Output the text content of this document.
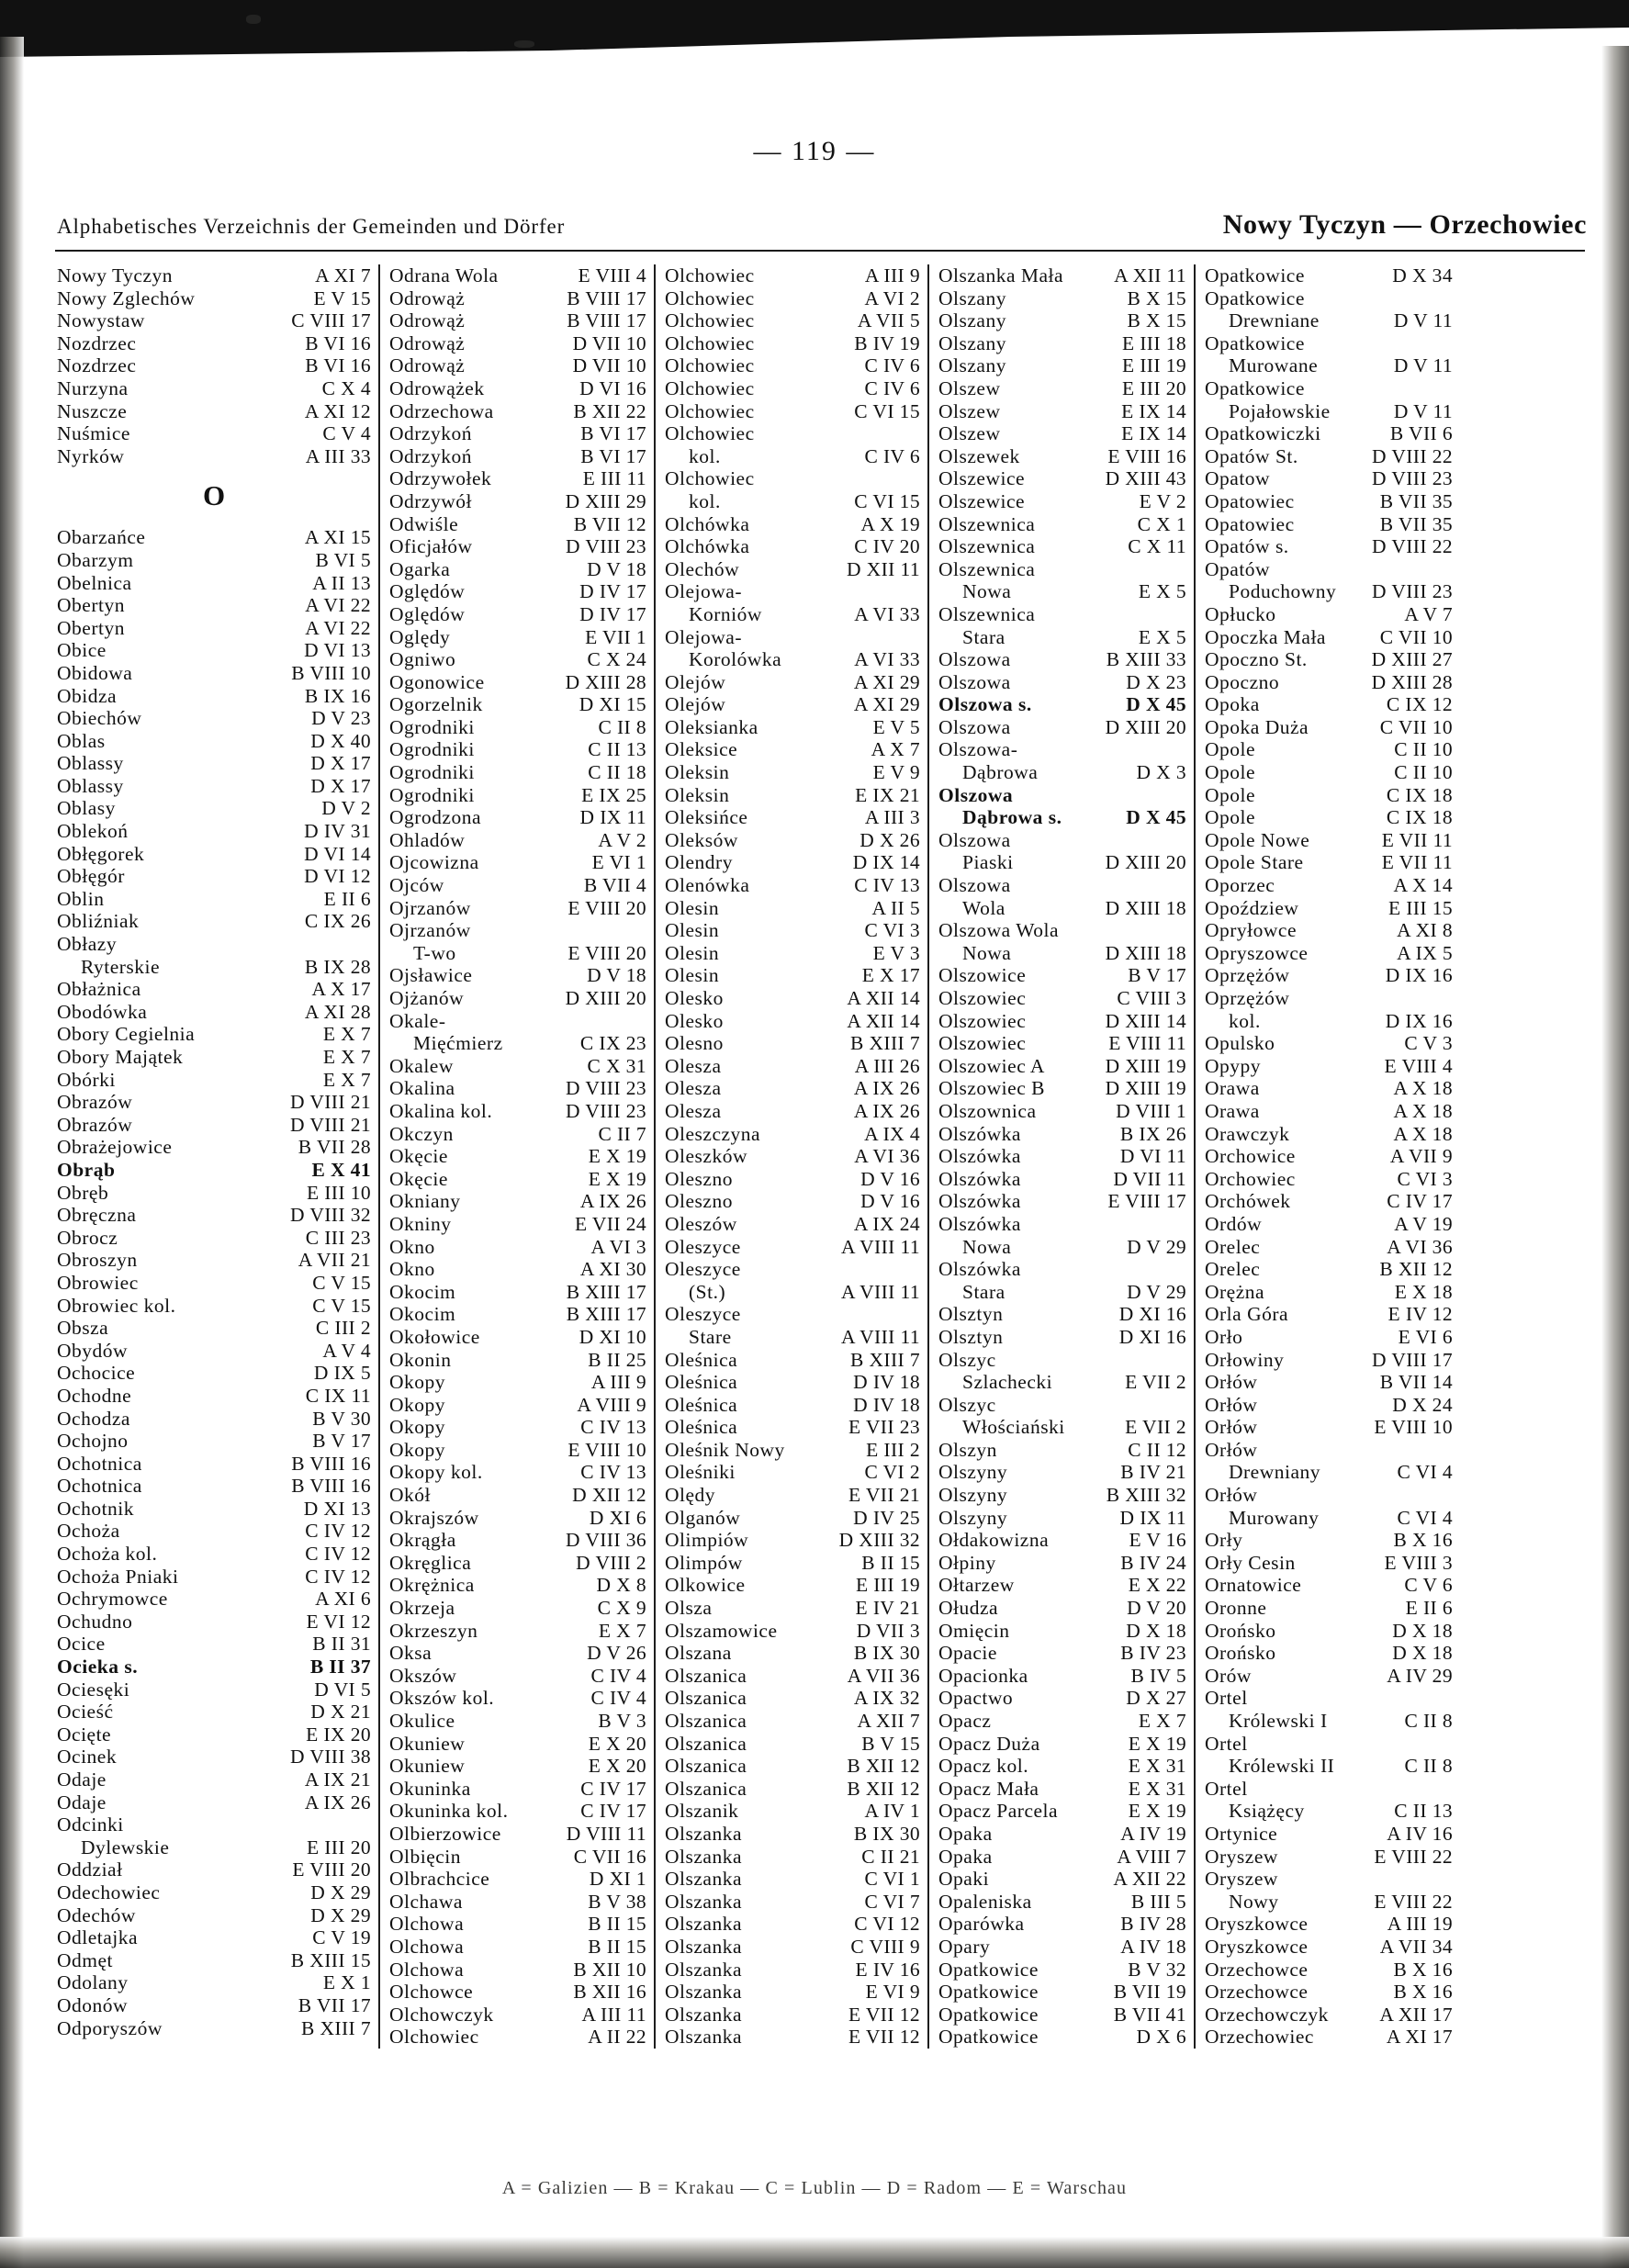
— 119 —
Alphabetisches Verzeichnis der Gemeinden und Dörfer	Nowy Tyczyn — Orzechowiec
Nowy Tyczyn	A XI 7
Nowy Zglechów	E V 15
Nowystaw	C VIII 17
Nozdrzec	B VI 16
Nozdrzec	B VI 16
Nurzyna	C X 4
Nuszcze	A XI 12
Nuśmice	C V 4
Nyrków	A III 33
O
Obarzańce	A XI 15
Obarzym	B VI 5
Obelnica	A II 13
Obertyn	A VI 22
Obertyn	A VI 22
Obice	D VI 13
Obidowa	B VIII 10
Obidza	B IX 16
Obiechów	D V 23
Oblas	D X 40
Oblassy	D X 17
Oblassy	D X 17
Oblasy	D V 2
Oblekoń	D IV 31
Obłęgorek	D VI 14
Obłęgór	D VI 12
Oblin	E II 6
Obliźniak	C IX 26
Obłazy
Ryterskie	B IX 28
Obłażnica	A X 17
Obodówka	A XI 28
Obory Cegielnia	E X 7
Obory Majątek	E X 7
Obórki	E X 7
Obrazów	D VIII 21
Obrazów	D VIII 21
Obrażejowice	B VII 28
Obrąb	E X 41
Obręb	E III 10
Obręczna	D VIII 32
Obrocz	C III 23
Obroszyn	A VII 21
Obrowiec	C V 15
Obrowiec kol.	C V 15
Obsza	C III 2
Obydów	A V 4
Ochocice	D IX 5
Ochodne	C IX 11
Ochodza	B V 30
Ochojno	B V 17
Ochotnica	B VIII 16
Ochotnica	B VIII 16
Ochotnik	D XI 13
Ochoża	C IV 12
Ochoża kol.	C IV 12
Ochoża Pniaki	C IV 12
Ochrymowce	A XI 6
Ochudno	E VI 12
Ocice	B II 31
Ocieka s.	B II 37
Ociesęki	D VI 5
Ocieść	D X 21
Ocięte	E IX 20
Ocinek	D VIII 38
Odaje	A IX 21
Odaje	A IX 26
Odcinki
Dylewskie	E III 20
Oddział	E VIII 20
Odechowiec	D X 29
Odechów	D X 29
Odletajka	C V 19
Odmęt	B XIII 15
Odolany	E X 1
Odonów	B VII 17
Odporyszów	B XIII 7
Odrana Wola	E VIII 4
Odrowąż	B VIII 17
Odrowąż	B VIII 17
Odrowąż	D VII 10
Odrowąż	D VII 10
Odrowążek	D VI 16
Odrzechowa	B XII 22
Odrzykoń	B VI 17
Odrzykoń	B VI 17
Odrzywołek	E III 11
Odrzywół	D XIII 29
Odwiśle	B VII 12
Oficjałów	D VIII 23
Ogarka	D V 18
Oględów	D IV 17
Oględów	D IV 17
Oględy	E VII 1
Ogniwo	C X 24
Ogonowice	D XIII 28
Ogorzelnik	D XI 15
Ogrodniki	C II 8
Ogrodniki	C II 13
Ogrodniki	C II 18
Ogrodniki	E IX 25
Ogrodzona	D IX 11
Ohladów	A V 2
Ojcowizna	E VI 1
Ojców	B VII 4
Ojrzanów	E VIII 20
Ojrzanów
T-wo	E VIII 20
Ojsławice	D V 18
Ojżanów	D XIII 20
Okale-
Mięćmierz	C IX 23
Okalew	C X 31
Okalina	D VIII 23
Okalina kol.	D VIII 23
Okczyn	C II 7
Okęcie	E X 19
Okęcie	E X 19
Okniany	A IX 26
Okniny	E VII 24
Okno	A VI 3
Okno	A XI 30
Okocim	B XIII 17
Okocim	B XIII 17
Okołowice	D XI 10
Okonin	B II 25
Okopy	A III 9
Okopy	A VIII 9
Okopy	C IV 13
Okopy	E VIII 10
Okopy kol.	C IV 13
Okół	D XII 12
Okrajszów	D XI 6
Okrągła	D VIII 36
Okręglica	D VIII 2
Okrężnica	D X 8
Okrzeja	C X 9
Okrzeszyn	E X 7
Oksa	D V 26
Okszów	C IV 4
Okszów kol.	C IV 4
Okulice	B V 3
Okuniew	E X 20
Okuniew	E X 20
Okuninka	C IV 17
Okuninka kol.	C IV 17
Olbierzowice	D VIII 11
Olbięcin	C VII 16
Olbrachcice	D XI 1
Olchawa	B V 38
Olchowa	B II 15
Olchowa	B II 15
Olchowa	B XII 10
Olchowce	B XII 16
Olchowczyk	A III 11
Olchowiec	A II 22
Olchowiec	A III 9
Olchowiec	A VI 2
Olchowiec	A VII 5
Olchowiec	B IV 19
Olchowiec	C IV 6
Olchowiec	C IV 6
Olchowiec	C VI 15
Olchowiec
kol.	C IV 6
Olchowiec
kol.	C VI 15
Olchówka	A X 19
Olchówka	C IV 20
Olechów	D XII 11
Olejowa-
Korniów	A VI 33
Olejowa-
Korolówka	A VI 33
Olejów	A XI 29
Olejów	A XI 29
Oleksianka	E V 5
Oleksice	A X 7
Oleksin	E V 9
Oleksin	E IX 21
Oleksińce	A III 3
Oleksów	D X 26
Olendry	D IX 14
Olenówka	C IV 13
Olesin	A II 5
Olesin	C VI 3
Olesin	E V 3
Olesin	E X 17
Olesko	A XII 14
Olesko	A XII 14
Olesno	B XIII 7
Olesza	A III 26
Olesza	A IX 26
Olesza	A IX 26
Oleszczyna	A IX 4
Oleszków	A VI 36
Oleszno	D V 16
Oleszno	D V 16
Oleszów	A IX 24
Oleszyce	A VIII 11
Oleszyce
(St.)	A VIII 11
Oleszyce
Stare	A VIII 11
Oleśnica	B XIII 7
Oleśnica	D IV 18
Oleśnica	D IV 18
Oleśnica	E VII 23
Oleśnik Nowy	E III 2
Oleśniki	C VI 2
Olędy	E VII 21
Olganów	D IV 25
Olimpiów	D XIII 32
Olimpów	B II 15
Olkowice	E III 19
Olsza	E IV 21
Olszamowice	D VII 3
Olszana	B IX 30
Olszanica	A VII 36
Olszanica	A IX 32
Olszanica	A XII 7
Olszanica	B V 15
Olszanica	B XII 12
Olszanica	B XII 12
Olszanik	A IV 1
Olszanka	B IX 30
Olszanka	C II 21
Olszanka	C VI 1
Olszanka	C VI 7
Olszanka	C VI 12
Olszanka	C VIII 9
Olszanka	E IV 16
Olszanka	E VI 9
Olszanka	E VII 12
Olszanka	E VII 12
Olszanka Mała	A XII 11
Olszany	B X 15
Olszany	B X 15
Olszany	E III 18
Olszany	E III 19
Olszew	E III 20
Olszew	E IX 14
Olszew	E IX 14
Olszewek	E VIII 16
Olszewice	D XIII 43
Olszewice	E V 2
Olszewnica	C X 1
Olszewnica	C X 11
Olszewnica
Nowa	E X 5
Olszewnica
Stara	E X 5
Olszowa	B XIII 33
Olszowa	D X 23
Olszowa s.	D X 45
Olszowa	D XIII 20
Olszowa-
Dąbrowa	D X 3
Olszowa
Dąbrowa s.	D X 45
Olszowa
Piaski	D XIII 20
Olszowa
Wola	D XIII 18
Olszowa Wola
Nowa	D XIII 18
Olszowice	B V 17
Olszowiec	C VIII 3
Olszowiec	D XIII 14
Olszowiec	E VIII 11
Olszowiec A	D XIII 19
Olszowiec B	D XIII 19
Olszownica	D VIII 1
Olszówka	B IX 26
Olszówka	D VI 11
Olszówka	D VII 11
Olszówka	E VIII 17
Olszówka
Nowa	D V 29
Olszówka
Stara	D V 29
Olsztyn	D XI 16
Olsztyn	D XI 16
Olszyc
Szlachecki	E VII 2
Olszyc
Włościański	E VII 2
Olszyn	C II 12
Olszyny	B IV 21
Olszyny	B XIII 32
Olszyny	D IX 11
Ołdakowizna	E V 16
Ołpiny	B IV 24
Ołtarzew	E X 22
Ołudza	D V 20
Omięcin	D X 18
Opacie	B IV 23
Opacionka	B IV 5
Opactwo	D X 27
Opacz	E X 7
Opacz Duża	E X 19
Opacz kol.	E X 31
Opacz Mała	E X 31
Opacz Parcela	E X 19
Opaka	A IV 19
Opaka	A VIII 7
Opaki	A XII 22
Opaleniska	B III 5
Oparówka	B IV 28
Opary	A IV 18
Opatkowice	B V 32
Opatkowice	B VII 19
Opatkowice	B VII 41
Opatkowice	D X 6
Opatkowice	D X 34
Opatkowice
Drewniane	D V 11
Opatkowice
Murowane	D V 11
Opatkowice
Pojałowskie	D V 11
Opatkowiczki	B VII 6
Opatów St.	D VIII 22
Opatow	D VIII 23
Opatowiec	B VII 35
Opatowiec	B VII 35
Opatów s.	D VIII 22
Opatów
Poduchowny	D VIII 23
Opłucko	A V 7
Opoczka Mała	C VII 10
Opoczno St.	D XIII 27
Opoczno	D XIII 28
Opoka	C IX 12
Opoka Duża	C VII 10
Opole	C II 10
Opole	C II 10
Opole	C IX 18
Opole	C IX 18
Opole Nowe	E VII 11
Opole Stare	E VII 11
Oporzec	A X 14
Opoździew	E III 15
Opryłowce	A XI 8
Opryszowce	A IX 5
Oprzężów	D IX 16
Oprzężów
kol.	D IX 16
Opulsko	C V 3
Opypy	E VIII 4
Orawa	A X 18
Orawa	A X 18
Orawczyk	A X 18
Orchowice	A VII 9
Orchowiec	C VI 3
Orchówek	C IV 17
Ordów	A V 19
Orelec	A VI 36
Orelec	B XII 12
Orężna	E X 18
Orla Góra	E IV 12
Orło	E VI 6
Orłowiny	D VIII 17
Orłów	B VII 14
Orłów	D X 24
Orłów	E VIII 10
Orłów
Drewniany	C VI 4
Orłów
Murowany	C VI 4
Orły	B X 16
Orły Cesin	E VIII 3
Ornatowice	C V 6
Oronne	E II 6
Orońsko	D X 18
Orońsko	D X 18
Orów	A IV 29
Ortel
Królewski I	C II 8
Ortel
Królewski II	C II 8
Ortel
Książęcy	C II 13
Ortynice	A IV 16
Oryszew	E VIII 22
Oryszew
Nowy	E VIII 22
Oryszkowce	A III 19
Oryszkowce	A VII 34
Orzechowce	B X 16
Orzechowce	B X 16
Orzechowczyk	A XII 17
Orzechowiec	A XI 17
A = Galizien — B = Krakau — C = Lublin — D = Radom — E = Warschau
